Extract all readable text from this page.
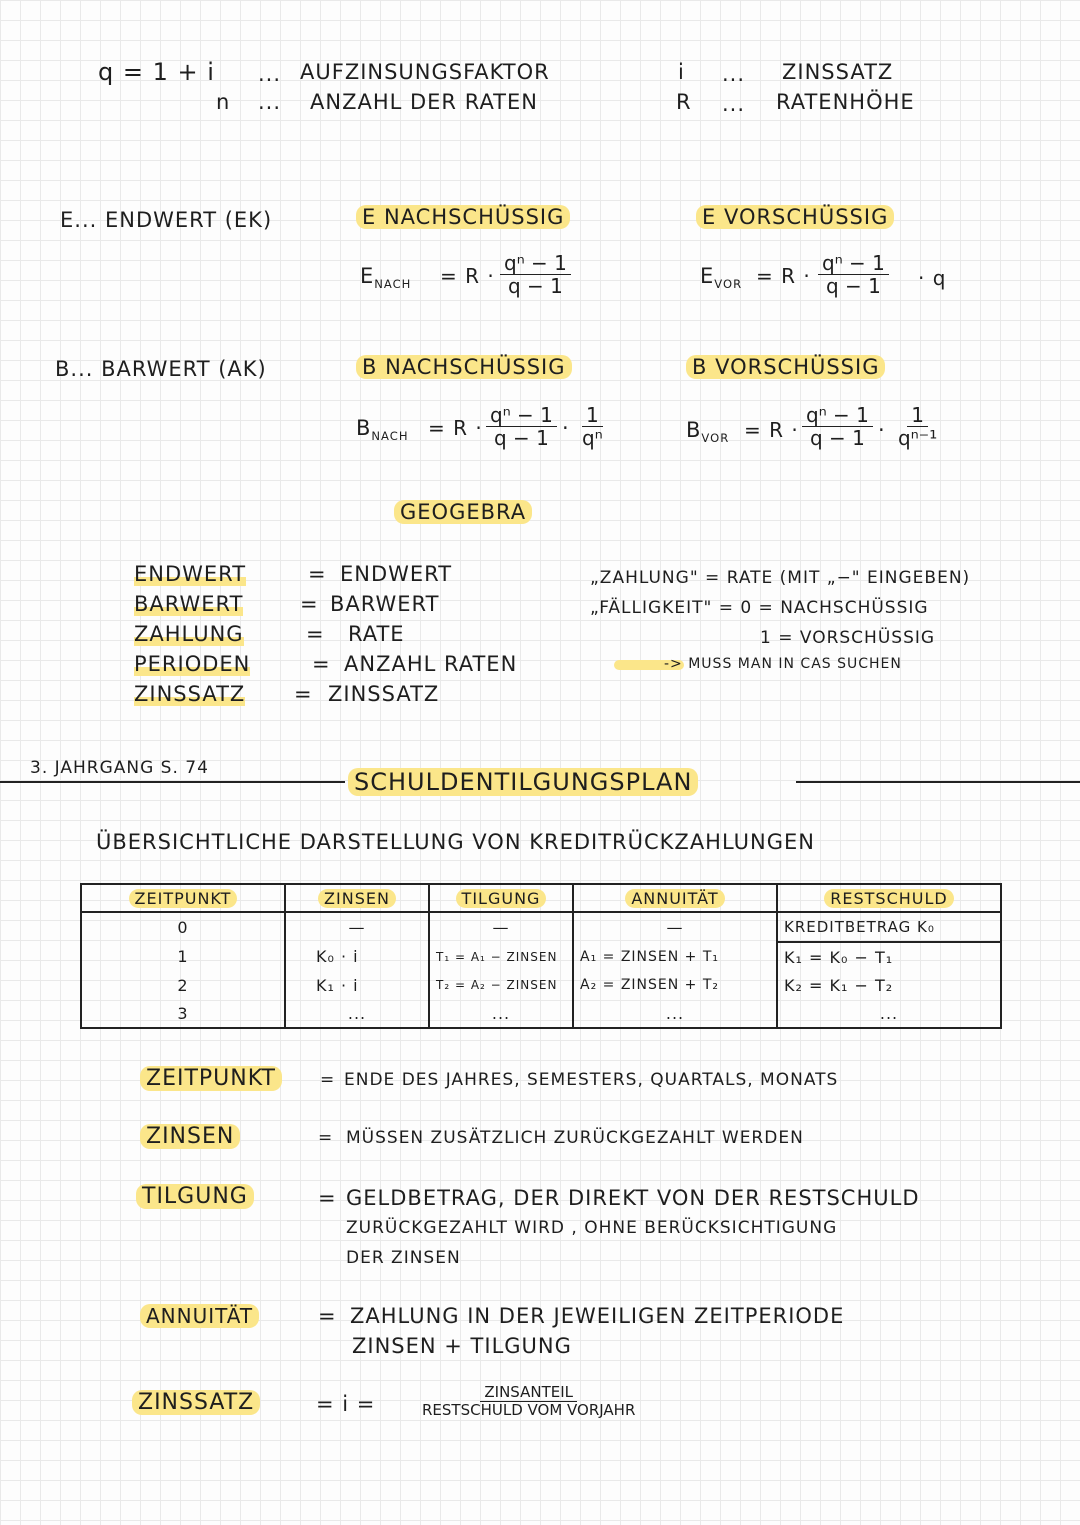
q = 1 + i ... AUFZINSUNGSFAKTOR
n ... ANZAHL DER RATEN
i ... ZINSSATZ
R ... RATENHÖHE
E... ENDWERT (EK)	E NACHSCHÜSSIG	E VORSCHÜSSIG
$E_{NACH} = R \cdot \frac{\text{qⁿ − 1}}{q - 1}$	$E_{VOR} = R \cdot \frac{\text{qⁿ − 1}}{q - 1} \cdot q$
B... BARWERT (AK)	B NACHSCHÜSSIG	B VORSCHÜSSIG
$B_{NACH} = R \cdot \frac{\text{qⁿ − 1}}{q - 1} \cdot \frac{1}{\text{qⁿ}}$	$B_{VOR} = R \cdot \frac{\text{qⁿ − 1}}{q - 1} \cdot \frac{1}{\text{qⁿ⁻¹}}$
GEOGEBRA
ENDWERT	= ENDWERT
BARWERT	= BARWERT
ZAHLUNG	= RATE
PERIODEN	= ANZAHL RATEN
ZINSSATZ = ZINSSATZ
„ZAHLUNG" = RATE (MIT „−" EINGEBEN)
„FÄLLIGKEIT" = 0 = NACHSCHÜSSIG
1 = VORSCHÜSSIG
-> MUSS MAN IN CAS SUCHEN
3. JAHRGANG S. 74	SCHULDENTILGUNGSPLAN
ÜBERSICHTLICHE DARSTELLUNG VON KREDITRÜCKZAHLUNGEN
ZEITPUNKT	ZINSEN	TILGUNG	ANNUITÄT	RESTSCHULD
0	—	—	—	KREDITBETRAG K₀
1	K₀ · i	T₁ = A₁ − ZINSEN	A₁ = ZINSEN + T₁	K₁ = K₀ − T₁
2	K₁ · i	T₂ = A₂ − ZINSEN	A₂ = ZINSEN + T₂	K₂ = K₁ − T₂
3	...	...	...	...
ZEITPUNKT	= ENDE DES JAHRES, SEMESTERS, QUARTALS, MONATS
ZINSEN	= MÜSSEN ZUSÄTZLICH ZURÜCKGEZAHLT WERDEN
TILGUNG	= GELDBETRAG, DER DIREKT VON DER RESTSCHULD
ZURÜCKGEZAHLT WIRD , OHNE BERÜCKSICHTIGUNG
DER ZINSEN
ANNUITÄT	= ZAHLUNG IN DER JEWEILIGEN ZEITPERIODE
ZINSEN + TILGUNG
ZINSSATZ	= i =	ZINSANTEIL
RESTSCHULD VOM VORJAHR
